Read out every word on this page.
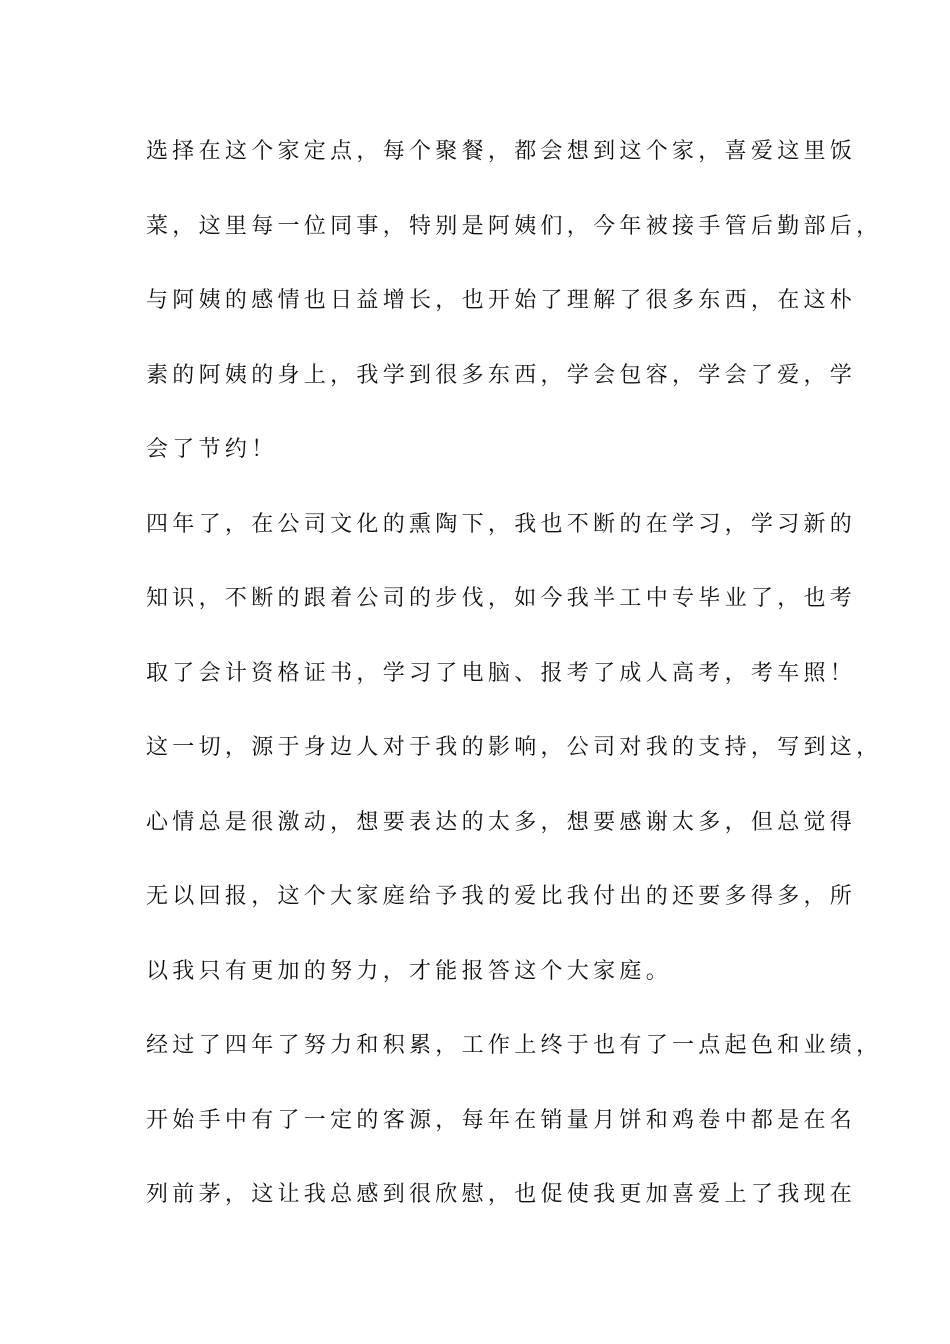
选择在这个家定点，每个聚餐，都会想到这个家，喜爱这里饭
菜，这里每一位同事，特别是阿姨们，今年被接手管后勤部后，
与阿姨的感情也日益增长，也开始了理解了很多东西，在这朴
素的阿姨的身上，我学到很多东西，学会包容，学会了爱，学
会了节约！
四年了，在公司文化的熏陶下，我也不断的在学习，学习新的
知识，不断的跟着公司的步伐，如今我半工中专毕业了，也考
取了会计资格证书，学习了电脑、报考了成人高考，考车照！
这一切，源于身边人对于我的影响，公司对我的支持，写到这，
心情总是很激动，想要表达的太多，想要感谢太多，但总觉得
无以回报，这个大家庭给予我的爱比我付出的还要多得多，所
以我只有更加的努力，才能报答这个大家庭。
经过了四年了努力和积累，工作上终于也有了一点起色和业绩，
开始手中有了一定的客源，每年在销量月饼和鸡卷中都是在名
列前茅，这让我总感到很欣慰，也促使我更加喜爱上了我现在
